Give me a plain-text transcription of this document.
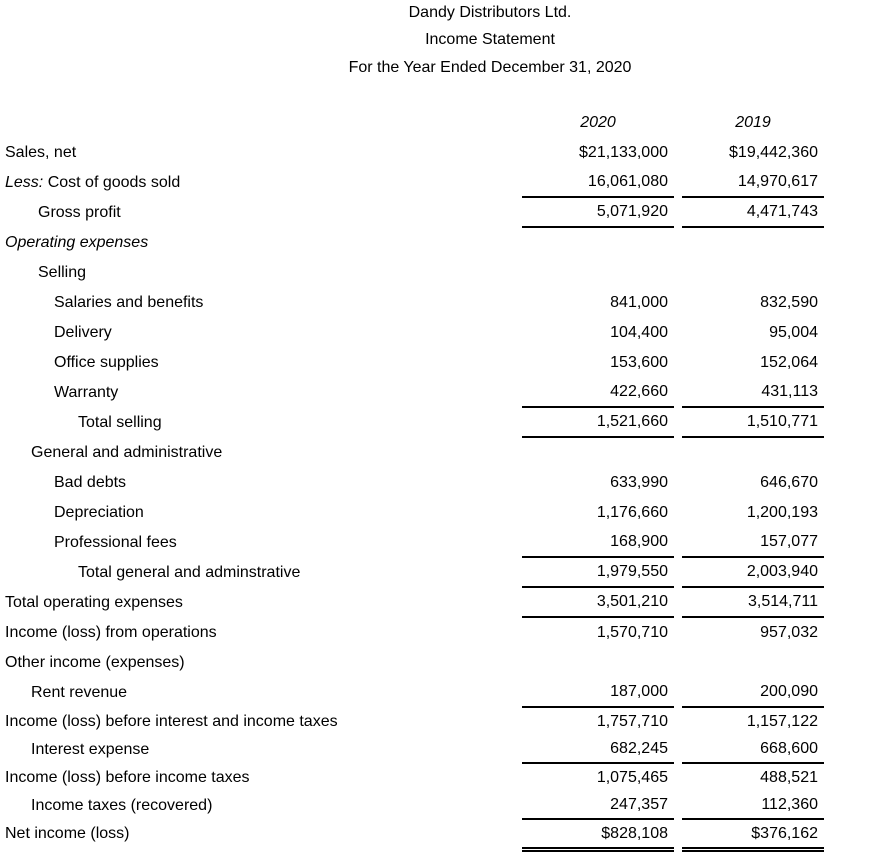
Dandy Distributors Ltd.
Income Statement
For the Year Ended December 31, 2020
2020	2019
Sales, net	$21,133,000	$19,442,360
Less: Cost of goods sold	16,061,080	14,970,617
Gross profit	5,071,920	4,471,743
Operating expenses
Selling
Salaries and benefits	841,000	832,590
Delivery	104,400	95,004
Office supplies	153,600	152,064
Warranty	422,660	431,113
Total selling	1,521,660	1,510,771
General and administrative
Bad debts	633,990	646,670
Depreciation	1,176,660	1,200,193
Professional fees	168,900	157,077
Total general and adminstrative	1,979,550	2,003,940
Total operating expenses	3,501,210	3,514,711
Income (loss) from operations	1,570,710	957,032
Other income (expenses)
Rent revenue	187,000	200,090
Income (loss) before interest and income taxes	1,757,710	1,157,122
Interest expense	682,245	668,600
Income (loss) before income taxes	1,075,465	488,521
Income taxes (recovered)	247,357	112,360
Net income (loss)	$828,108	$376,162
